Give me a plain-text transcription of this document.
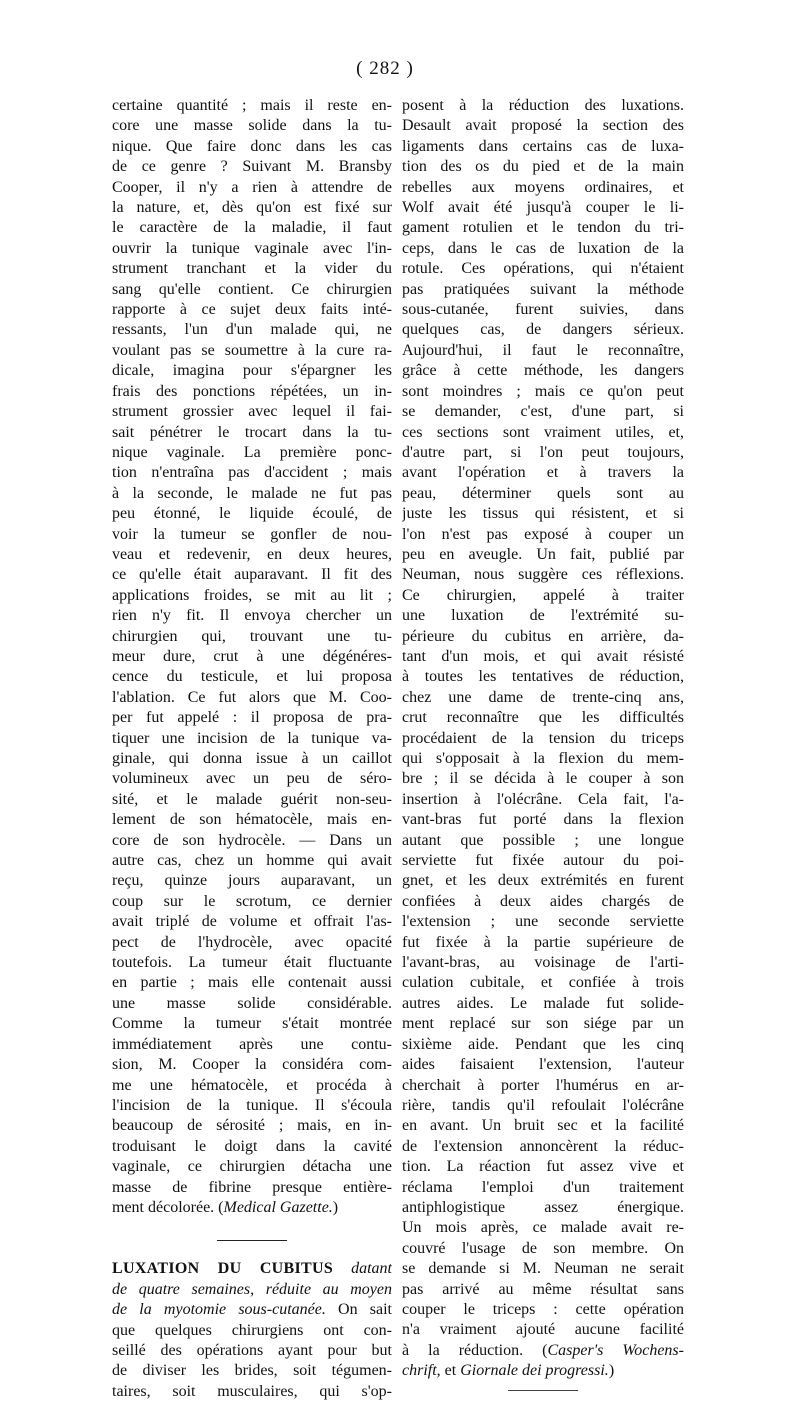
( 282 )
certaine quantité ; mais il reste en-
core une masse solide dans la tu-
nique. Que faire donc dans les cas
de ce genre ? Suivant M. Bransby
Cooper, il n'y a rien à attendre de
la nature, et, dès qu'on est fixé sur
le caractère de la maladie, il faut
ouvrir la tunique vaginale avec l'in-
strument tranchant et la vider du
sang qu'elle contient. Ce chirurgien
rapporte à ce sujet deux faits inté-
ressants, l'un d'un malade qui, ne
voulant pas se soumettre à la cure ra-
dicale, imagina pour s'épargner les
frais des ponctions répétées, un in-
strument grossier avec lequel il fai-
sait pénétrer le trocart dans la tu-
nique vaginale. La première ponc-
tion n'entraîna pas d'accident ; mais
à la seconde, le malade ne fut pas
peu étonné, le liquide écoulé, de
voir la tumeur se gonfler de nou-
veau et redevenir, en deux heures,
ce qu'elle était auparavant. Il fit des
applications froides, se mit au lit ;
rien n'y fit. Il envoya chercher un
chirurgien qui, trouvant une tu-
meur dure, crut à une dégénéres-
cence du testicule, et lui proposa
l'ablation. Ce fut alors que M. Coo-
per fut appelé : il proposa de pra-
tiquer une incision de la tunique va-
ginale, qui donna issue à un caillot
volumineux avec un peu de séro-
sité, et le malade guérit non-seu-
lement de son hématocèle, mais en-
core de son hydrocèle. — Dans un
autre cas, chez un homme qui avait
reçu, quinze jours auparavant, un
coup sur le scrotum, ce dernier
avait triplé de volume et offrait l'as-
pect de l'hydrocèle, avec opacité
toutefois. La tumeur était fluctuante
en partie ; mais elle contenait aussi
une masse solide considérable.
Comme la tumeur s'était montrée
immédiatement après une contu-
sion, M. Cooper la considéra com-
me une hématocèle, et procéda à
l'incision de la tunique. Il s'écoula
beaucoup de sérosité ; mais, en in-
troduisant le doigt dans la cavité
vaginale, ce chirurgien détacha une
masse de fibrine presque entière-
ment décolorée. (Medical Gazette.)
LUXATION DU CUBITUS datant
de quatre semaines, réduite au moyen
de la myotomie sous-cutanée. On sait
que quelques chirurgiens ont con-
seillé des opérations ayant pour but
de diviser les brides, soit tégumen-
taires, soit musculaires, qui s'op-
posent à la réduction des luxations.
Desault avait proposé la section des
ligaments dans certains cas de luxa-
tion des os du pied et de la main
rebelles aux moyens ordinaires, et
Wolf avait été jusqu'à couper le li-
gament rotulien et le tendon du tri-
ceps, dans le cas de luxation de la
rotule. Ces opérations, qui n'étaient
pas pratiquées suivant la méthode
sous-cutanée, furent suivies, dans
quelques cas, de dangers sérieux.
Aujourd'hui, il faut le reconnaître,
grâce à cette méthode, les dangers
sont moindres ; mais ce qu'on peut
se demander, c'est, d'une part, si
ces sections sont vraiment utiles, et,
d'autre part, si l'on peut toujours,
avant l'opération et à travers la
peau, déterminer quels sont au
juste les tissus qui résistent, et si
l'on n'est pas exposé à couper un
peu en aveugle. Un fait, publié par
Neuman, nous suggère ces réflexions.
Ce chirurgien, appelé à traiter
une luxation de l'extrémité su-
périeure du cubitus en arrière, da-
tant d'un mois, et qui avait résisté
à toutes les tentatives de réduction,
chez une dame de trente-cinq ans,
crut reconnaître que les difficultés
procédaient de la tension du triceps
qui s'opposait à la flexion du mem-
bre ; il se décida à le couper à son
insertion à l'olécrâne. Cela fait, l'a-
vant-bras fut porté dans la flexion
autant que possible ; une longue
serviette fut fixée autour du poi-
gnet, et les deux extrémités en furent
confiées à deux aides chargés de
l'extension ; une seconde serviette
fut fixée à la partie supérieure de
l'avant-bras, au voisinage de l'arti-
culation cubitale, et confiée à trois
autres aides. Le malade fut solide-
ment replacé sur son siége par un
sixième aide. Pendant que les cinq
aides faisaient l'extension, l'auteur
cherchait à porter l'humérus en ar-
rière, tandis qu'il refoulait l'olécrâne
en avant. Un bruit sec et la facilité
de l'extension annoncèrent la réduc-
tion. La réaction fut assez vive et
réclama l'emploi d'un traitement
antiphlogistique assez énergique.
Un mois après, ce malade avait re-
couvré l'usage de son membre. On
se demande si M. Neuman ne serait
pas arrivé au même résultat sans
couper le triceps : cette opération
n'a vraiment ajouté aucune facilité
à la réduction. (Casper's Wochens-
chrift, et Giornale dei progressi.)
